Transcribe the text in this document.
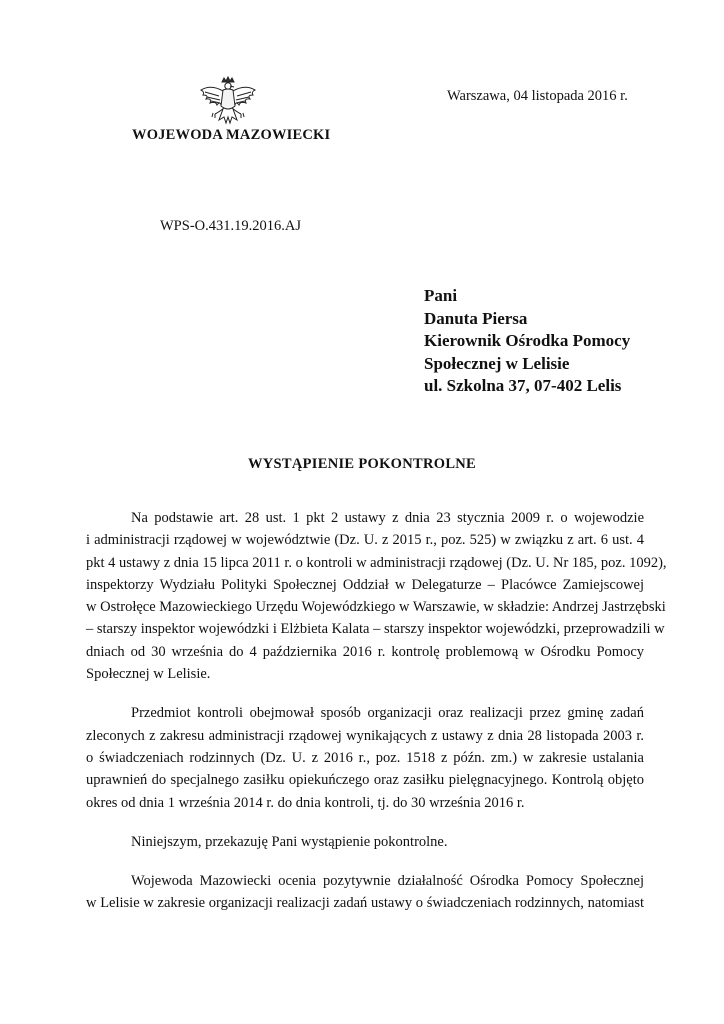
WOJEWODA MAZOWIECKI
Warszawa, 04 listopada 2016 r.
WPS-O.431.19.2016.AJ
Pani
Danuta Piersa
Kierownik Ośrodka Pomocy
Społecznej w Lelisie
ul. Szkolna 37, 07-402 Lelis
WYSTĄPIENIE POKONTROLNE
Na podstawie art. 28 ust. 1 pkt 2 ustawy z dnia 23 stycznia 2009 r. o wojewodzie
i administracji rządowej w województwie (Dz. U. z 2015 r., poz. 525) w związku z art. 6 ust. 4
pkt 4 ustawy z dnia 15 lipca 2011 r. o kontroli w administracji rządowej (Dz. U. Nr 185, poz. 1092),
inspektorzy Wydziału Polityki Społecznej Oddział w Delegaturze – Placówce Zamiejscowej
w Ostrołęce Mazowieckiego Urzędu Wojewódzkiego w Warszawie, w składzie: Andrzej Jastrzębski
– starszy inspektor wojewódzki i Elżbieta Kalata – starszy inspektor wojewódzki, przeprowadzili w
dniach od 30 września do 4 października 2016 r. kontrolę problemową w Ośrodku Pomocy
Społecznej w Lelisie.
Przedmiot kontroli obejmował sposób organizacji oraz realizacji przez gminę zadań
zleconych z zakresu administracji rządowej wynikających z ustawy z dnia 28 listopada 2003 r.
o świadczeniach rodzinnych (Dz. U. z 2016 r., poz. 1518 z późn. zm.) w zakresie ustalania
uprawnień do specjalnego zasiłku opiekuńczego oraz zasiłku pielęgnacyjnego. Kontrolą objęto
okres od dnia 1 września 2014 r. do dnia kontroli, tj. do 30 września 2016 r.
Niniejszym, przekazuję Pani wystąpienie pokontrolne.
Wojewoda Mazowiecki ocenia pozytywnie działalność Ośrodka Pomocy Społecznej
w Lelisie w zakresie organizacji realizacji zadań ustawy o świadczeniach rodzinnych, natomiast
